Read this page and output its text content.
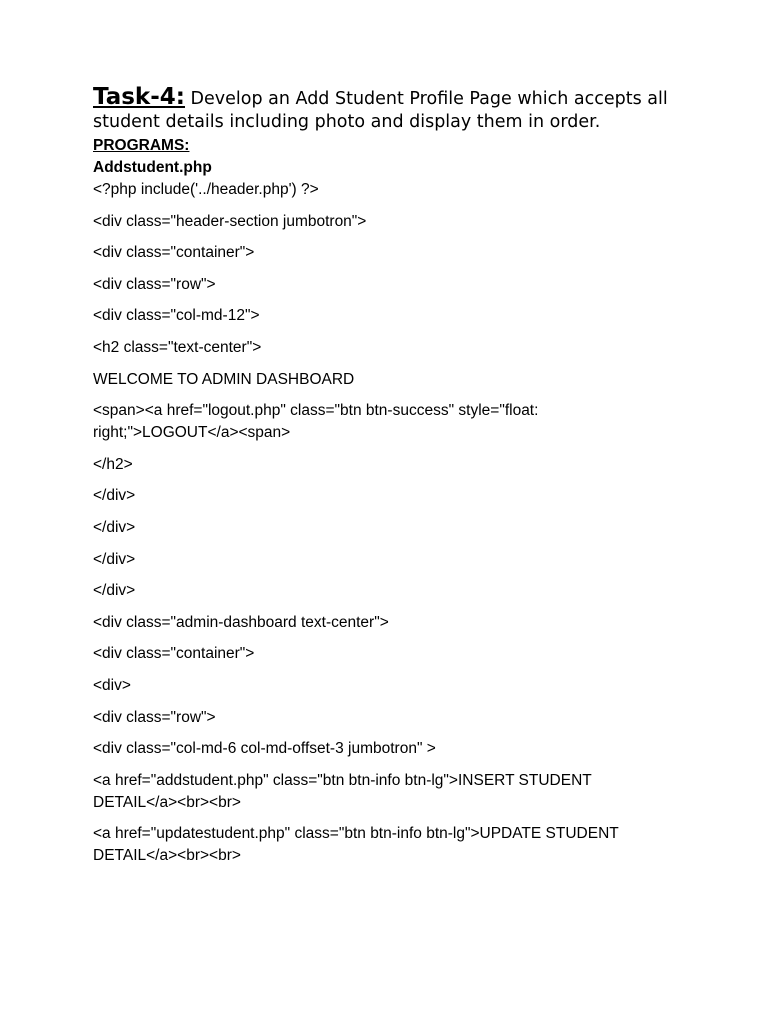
Task-4: Develop an Add Student Profile Page which accepts all student details including photo and display them in order.

PROGRAMS:

Addstudent.php

<?php include('../header.php') ?>
<div class="header-section jumbotron">
<div class="container">
<div class="row">
<div class="col-md-12">
<h2 class="text-center">
WELCOME TO ADMIN DASHBOARD
<span><a href="logout.php" class="btn btn-success" style="float: right;">LOGOUT</a><span>
</h2>
</div>
</div>
</div>
</div>
<div class="admin-dashboard text-center">
<div class="container">
<div>
<div class="row">
<div class="col-md-6 col-md-offset-3 jumbotron" >
<a href="addstudent.php" class="btn btn-info btn-lg">INSERT STUDENT DETAIL</a><br><br>
<a href="updatestudent.php" class="btn btn-info btn-lg">UPDATE STUDENT DETAIL</a><br><br>
